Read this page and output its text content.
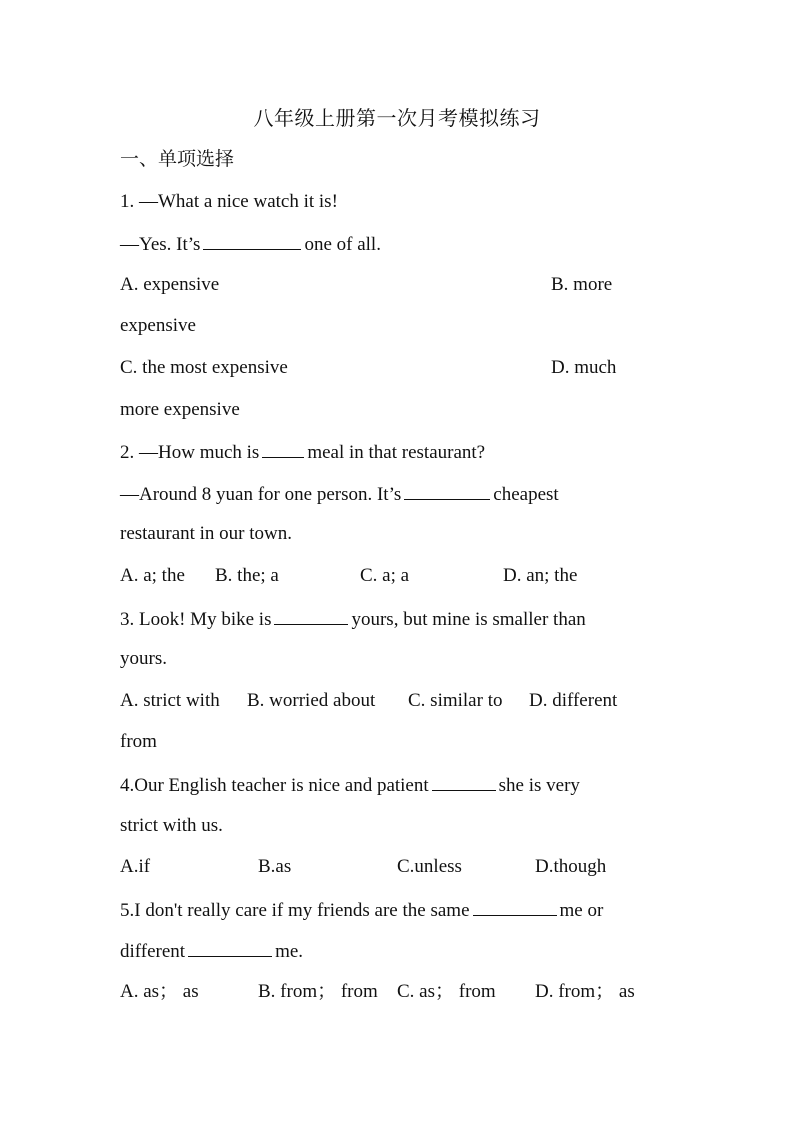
八年级上册第一次月考模拟练习
一、单项选择
1. —What a nice watch it is!
—Yes. It’s	one of all.
A. expensive	B. more
expensive
C. the most expensive	D. much
more expensive
2. —How much is	meal in that restaurant?
—Around 8 yuan for one person. It’s	cheapest
restaurant in our town.
A. a; the B. the; a	C. a; a	D. an; the
3. Look! My bike is	yours, but mine is smaller than
yours.
A. strict with B. worried about C. similar to D. different
from
4.Our English teacher is nice and patient	she is very
strict with us.
A.if	B.as	C.unless	D.though
5.I don't really care if my friends are the same	me or
different	me.
A. as； as	B. from； from C. as； from D. from； as
